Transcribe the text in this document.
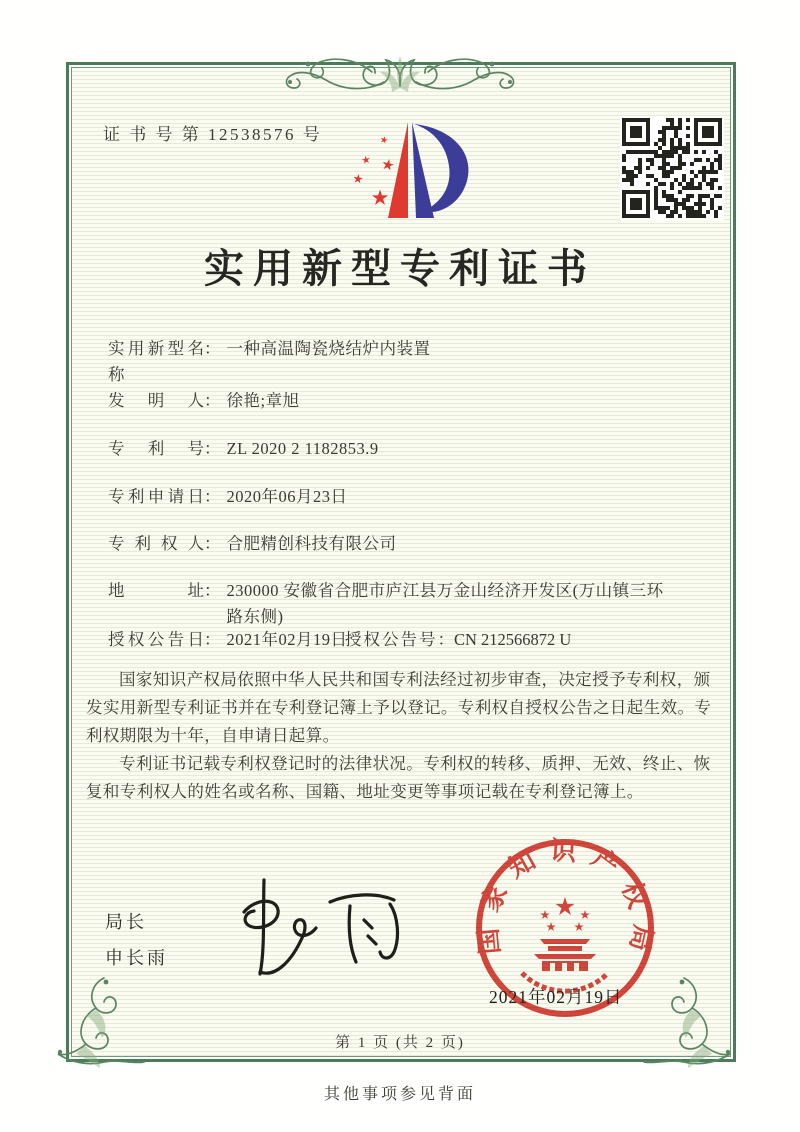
证 书 号 第 12538576 号
实用新型专利证书
实用新型名称： 一种高温陶瓷烧结炉内装置
发明人： 徐艳;章旭
专利号： ZL 2020 2 1182853.9
专利申请日： 2020年06月23日
专利权人： 合肥精创科技有限公司
地址： 230000 安徽省合肥市庐江县万金山经济开发区(万山镇三环路东侧)
授权公告日： 2021年02月19日
授权公告号：CN 212566872 U

国家知识产权局依照中华人民共和国专利法经过初步审查，决定授予专利权，颁发实用新型专利证书并在专利登记簿上予以登记。专利权自授权公告之日起生效。专利权期限为十年，自申请日起算。

专利证书记载专利权登记时的法律状况。专利权的转移、质押、无效、终止、恢复和专利权人的姓名或名称、国籍、地址变更等事项记载在专利登记簿上。

局长
申长雨
国家知识产权局
2021年02月19日
第 1 页 (共 2 页)
其他事项参见背面
